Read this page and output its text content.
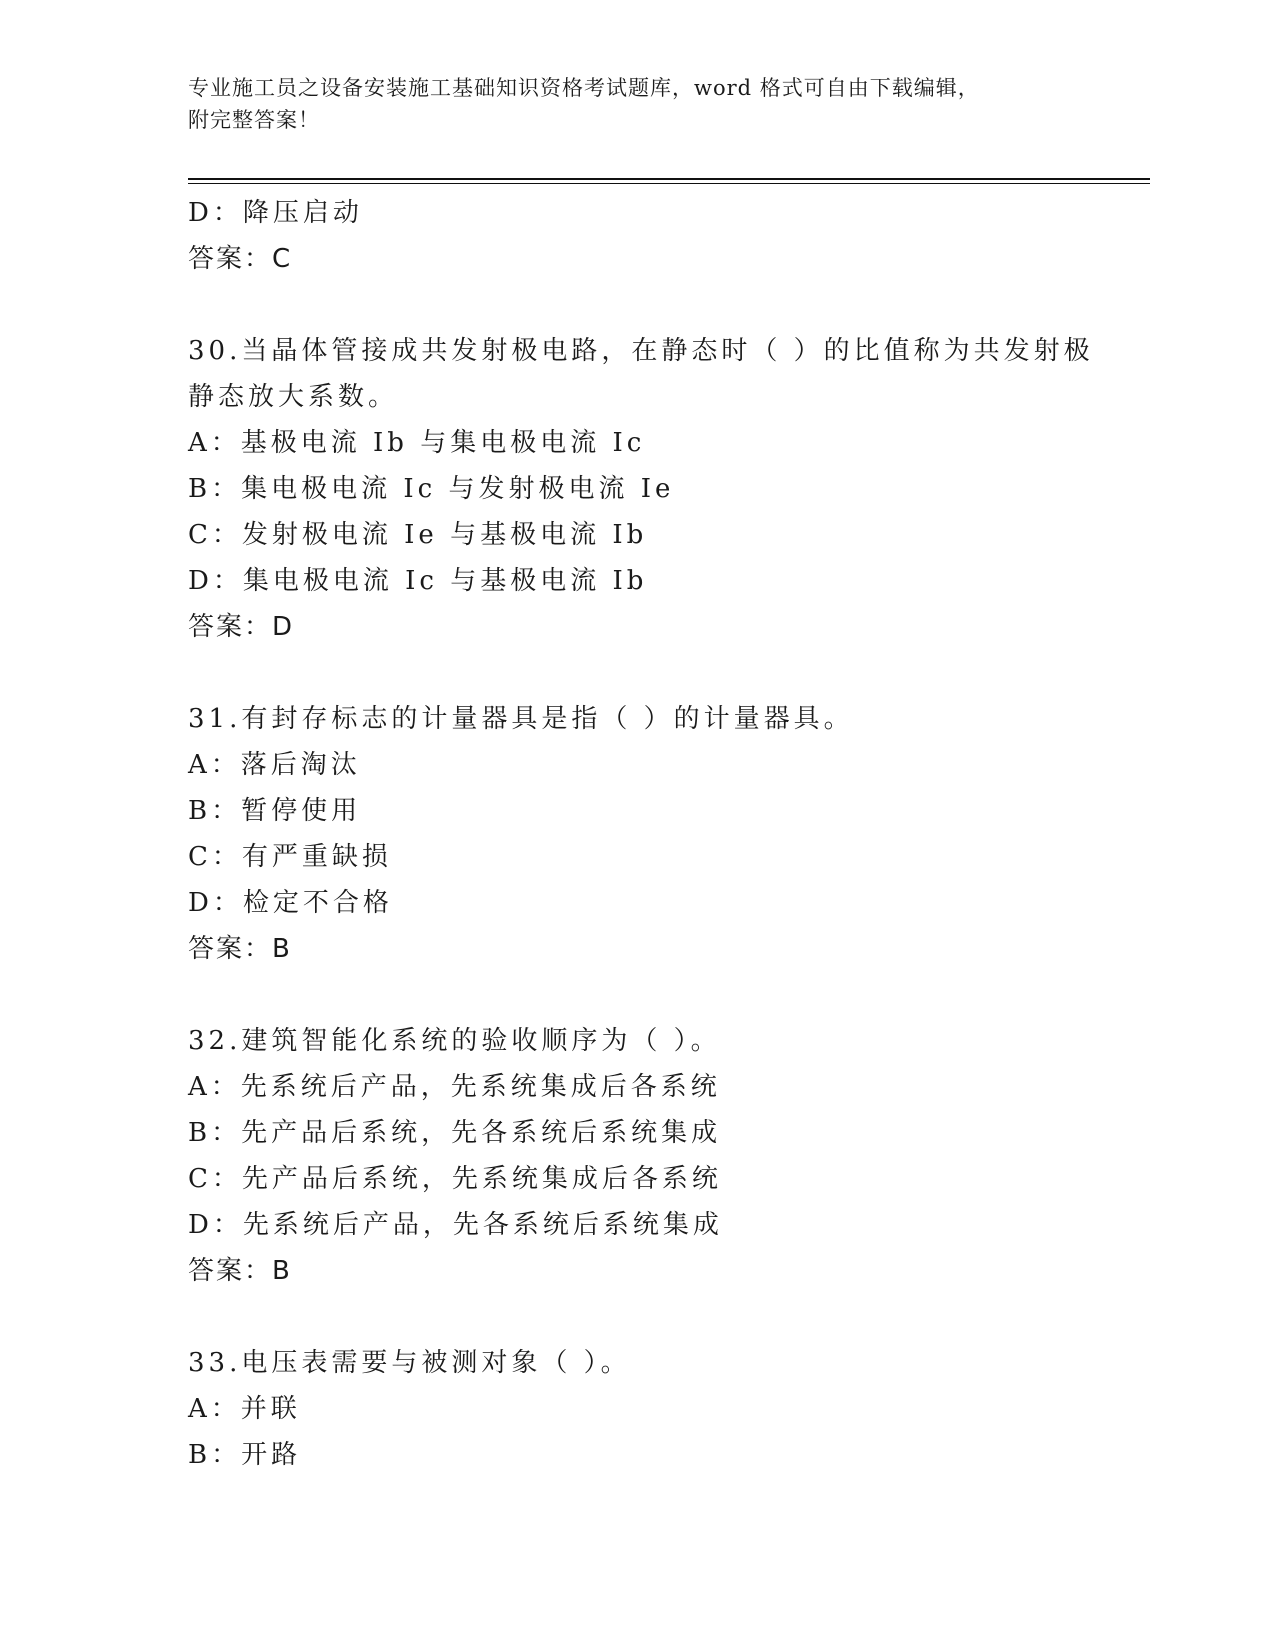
专业施工员之设备安装施工基础知识资格考试题库，word 格式可自由下载编辑，
附完整答案！
D：降压启动
答案：C
30.当晶体管接成共发射极电路，在静态时（ ）的比值称为共发射极
静态放大系数。
A：基极电流 Ib 与集电极电流 Ic
B：集电极电流 Ic 与发射极电流 Ie
C：发射极电流 Ie 与基极电流 Ib
D：集电极电流 Ic 与基极电流 Ib
答案：D
31.有封存标志的计量器具是指（ ）的计量器具。
A：落后淘汰
B：暂停使用
C：有严重缺损
D：检定不合格
答案：B
32.建筑智能化系统的验收顺序为（ ）。
A：先系统后产品，先系统集成后各系统
B：先产品后系统，先各系统后系统集成
C：先产品后系统，先系统集成后各系统
D：先系统后产品，先各系统后系统集成
答案：B
33.电压表需要与被测对象（ ）。
A：并联
B：开路
